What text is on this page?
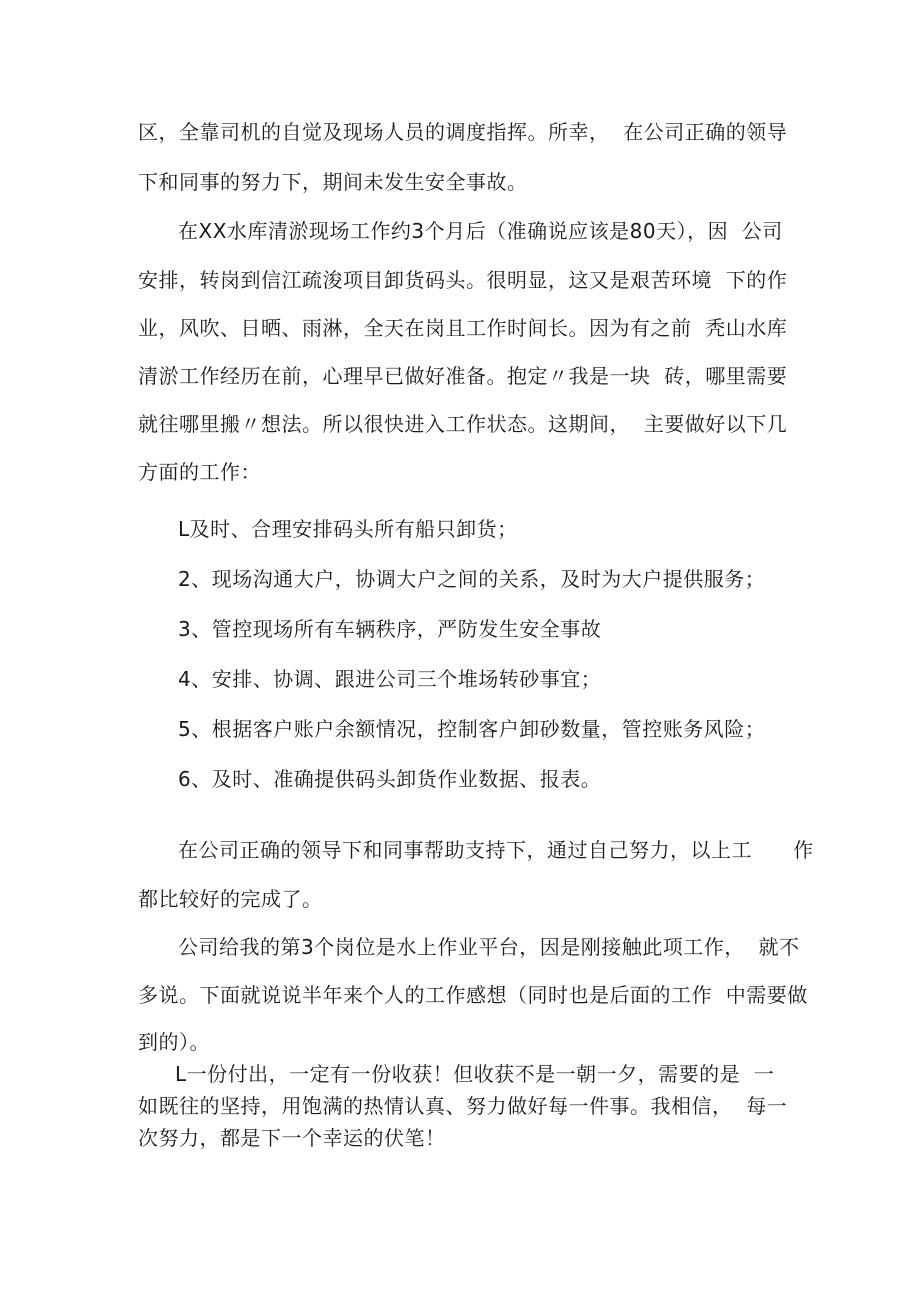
区，全靠司机的自觉及现场人员的调度指挥。所幸，  在公司正确的领导
下和同事的努力下，期间未发生安全事故。
在XX水库清淤现场工作约3个月后（准确说应该是80天），因  公司
安排，转岗到信江疏浚项目卸货码头。很明显，这又是艰苦环境  下的作
业，风吹、日晒、雨淋，全天在岗且工作时间长。因为有之前  秃山水库
清淤工作经历在前，心理早已做好准备。抱定〃我是一块  砖，哪里需要
就往哪里搬〃想法。所以很快进入工作状态。这期间，  主要做好以下几
方面的工作：
L及时、合理安排码头所有船只卸货；
2、现场沟通大户，协调大户之间的关系，及时为大户提供服务；
3、管控现场所有车辆秩序，严防发生安全事故
4、安排、协调、跟进公司三个堆场转砂事宜；
5、根据客户账户余额情况，控制客户卸砂数量，管控账务风险；
6、及时、准确提供码头卸货作业数据、报表。
在公司正确的领导下和同事帮助支持下，通过自己努力，以上工      作
都比较好的完成了。
公司给我的第3个岗位是水上作业平台，因是刚接触此项工作，  就不
多说。下面就说说半年来个人的工作感想（同时也是后面的工作  中需要做
到的）。
L一份付出，一定有一份收获！但收获不是一朝一夕，需要的是  一
如既往的坚持，用饱满的热情认真、努力做好每一件事。我相信，  每一
次努力，都是下一个幸运的伏笔！
